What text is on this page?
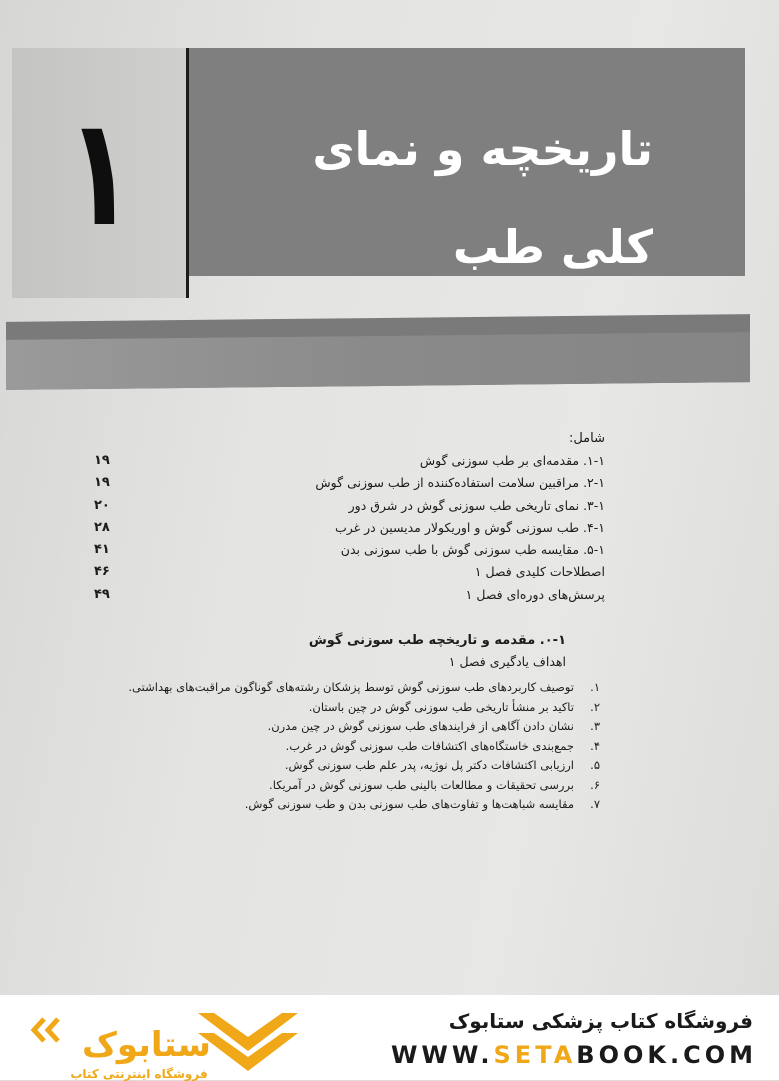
۱	تاریخچه و نمای کلی طب
شامل:
۱-۱. مقدمه‌ای بر طب سوزنی گوش
۱۹
۲-۱. مراقبین سلامت استفاده‌کننده از طب سوزنی گوش
۱۹
۳-۱. نمای تاریخی طب سوزنی گوش در شرق دور
۲۰
۴-۱. طب سوزنی گوش و اوریکولار مدیسین در غرب
۲۸
۵-۱. مقایسه طب سوزنی گوش با طب سوزنی بدن
۴۱
اصطلاحات کلیدی فصل ۱
۴۶
پرسش‌های دوره‌ای فصل ۱
۴۹
۰-۱. مقدمه و تاریخچه طب سوزنی گوش
اهداف یادگیری فصل ۱
۱.
توصیف کاربردهای طب سوزنی گوش توسط پزشکان رشته‌های گوناگون مراقبت‌های بهداشتی.
۲.
تاکید بر منشأ تاریخی طب سوزنی گوش در چین باستان.
۳.
نشان دادن آگاهی از فرایندهای طب سوزنی گوش در چین مدرن.
۴.
جمع‌بندی خاستگاه‌های اکتشافات طب سوزنی گوش در غرب.
۵.
ارزیابی اکتشافات دکتر پل نوژیه، پدر علم طب سوزنی گوش.
۶.
بررسی تحقیقات و مطالعات بالینی طب سوزنی گوش در آمریکا.
۷.
مقایسه شباهت‌ها و تفاوت‌های طب سوزنی بدن و طب سوزنی گوش.
ستابوک
فروشگاه اینترنتی کتاب
فروشگاه کتاب پزشکی ستابوک
WWW.SETABOOK.COM
